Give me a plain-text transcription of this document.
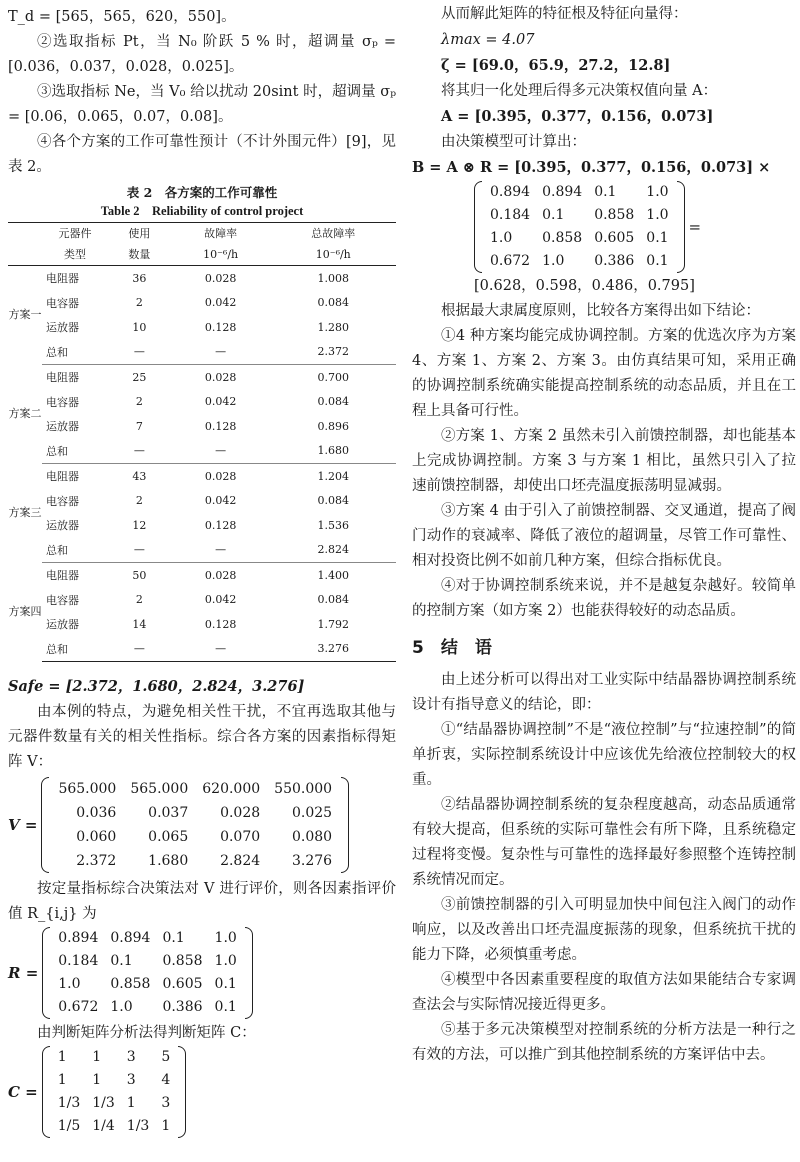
T_d = [565，565，620，550]。

②选取指标 Pt，当 N₀ 阶跃 5 % 时，超调量 σₚ = [0.036，0.037，0.028，0.025]。

③选取指标 Ne，当 V₀ 给以扰动 20sint 时，超调量 σₚ = [0.06，0.065，0.07，0.08]。

④各个方案的工作可靠性预计（不计外围元件）[9]，见表 2。

表 2　各方案的工作可靠性
Table 2　Reliability of control project
	元器件	使用	故障率	总故障率
	类型	数量	10⁻⁶/h	10⁻⁶/h
方案一	电阻器	36	0.028	1.008
	电容器	2	0.042	0.084
	运放器	10	0.128	1.280
	总和	—	—	2.372
方案二	电阻器	25	0.028	0.700
	电容器	2	0.042	0.084
	运放器	7	0.128	0.896
	总和	—	—	1.680
方案三	电阻器	43	0.028	1.204
	电容器	2	0.042	0.084
	运放器	12	0.128	1.536
	总和	—	—	2.824
方案四	电阻器	50	0.028	1.400
	电容器	2	0.042	0.084
	运放器	14	0.128	1.792
	总和	—	—	3.276

Safe = [2.372，1.680，2.824，3.276]

由本例的特点，为避免相关性干扰，不宜再选取其他与元器件数量有关的相关性指标。综合各方案的因素指标得矩阵 V：

V =
565.000	565.000	620.000	550.000
0.036	0.037	0.028	0.025
0.060	0.065	0.070	0.080
2.372	1.680	2.824	3.276

按定量指标综合决策法对 V 进行评价，则各因素指评价值 R_{i,j} 为

R =
0.894	0.894	0.1	1.0
0.184	0.1	0.858	1.0
1.0	0.858	0.605	0.1
0.672	1.0	0.386	0.1

由判断矩阵分析法得判断矩阵 C：

C =
1	1	3	5
1	1	3	4
1/3	1/3	1	3
1/5	1/4	1/3	1

从而解此矩阵的特征根及特征向量得：

λmax = 4.07

ζ = [69.0，65.9，27.2，12.8]

将其归一化处理后得多元决策权值向量 A：

A = [0.395，0.377，0.156，0.073]

由决策模型可计算出：

B = A ⊗ R = [0.395，0.377，0.156，0.073] ×

0.894	0.894	0.1	1.0
0.184	0.1	0.858	1.0
1.0	0.858	0.605	0.1
0.672	1.0	0.386	0.1
=

[0.628，0.598，0.486，0.795]

根据最大隶属度原则，比较各方案得出如下结论：

①4 种方案均能完成协调控制。方案的优选次序为方案 4、方案 1、方案 2、方案 3。由仿真结果可知，采用正确的协调控制系统确实能提高控制系统的动态品质，并且在工程上具备可行性。

②方案 1、方案 2 虽然未引入前馈控制器，却也能基本上完成协调控制。方案 3 与方案 1 相比，虽然只引入了拉速前馈控制器，却使出口坯壳温度振荡明显减弱。

③方案 4 由于引入了前馈控制器、交叉通道，提高了阀门动作的衰减率、降低了液位的超调量，尽管工作可靠性、相对投资比例不如前几种方案，但综合指标优良。

④对于协调控制系统来说，并不是越复杂越好。较简单的控制方案（如方案 2）也能获得较好的动态品质。

5　结　语

由上述分析可以得出对工业实际中结晶器协调控制系统设计有指导意义的结论，即：

①“结晶器协调控制”不是“液位控制”与“拉速控制”的简单折衷，实际控制系统设计中应该优先给液位控制较大的权重。

②结晶器协调控制系统的复杂程度越高，动态品质通常有较大提高，但系统的实际可靠性会有所下降，且系统稳定过程将变慢。复杂性与可靠性的选择最好参照整个连铸控制系统情况而定。

③前馈控制器的引入可明显加快中间包注入阀门的动作响应，以及改善出口坯壳温度振荡的现象，但系统抗干扰的能力下降，必须慎重考虑。

④模型中各因素重要程度的取值方法如果能结合专家调查法会与实际情况接近得更多。

⑤基于多元决策模型对控制系统的分析方法是一种行之有效的方法，可以推广到其他控制系统的方案评估中去。
